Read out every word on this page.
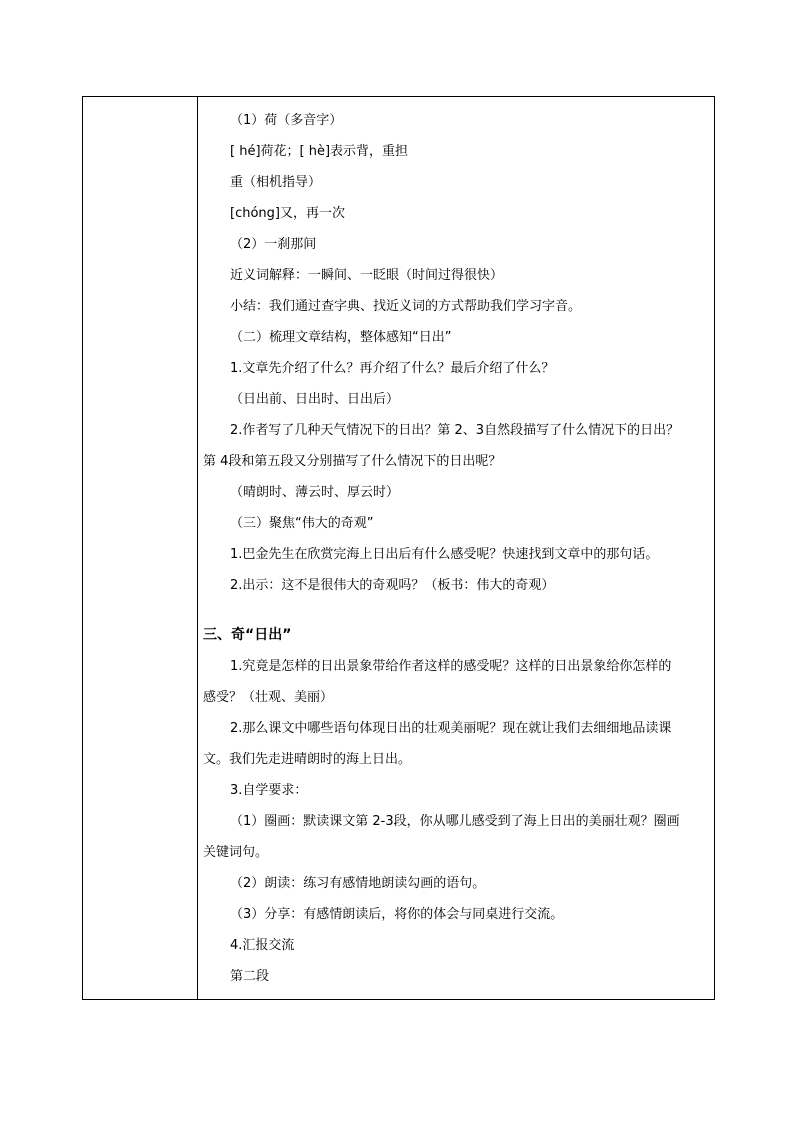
（1）荷（多音字）
[ hé]荷花；[ hè]表示背，重担
重（相机指导）
[chóng]又，再一次
（2）一刹那间
近义词解释：一瞬间、一眨眼（时间过得很快）
小结：我们通过查字典、找近义词的方式帮助我们学习字音。
（二）梳理文章结构，整体感知“日出”
1.文章先介绍了什么？再介绍了什么？最后介绍了什么？
（日出前、日出时、日出后）
2.作者写了几种天气情况下的日出？第 2、3自然段描写了什么情况下的日出？
第 4段和第五段又分别描写了什么情况下的日出呢？
（晴朗时、薄云时、厚云时）
（三）聚焦“伟大的奇观”
1.巴金先生在欣赏完海上日出后有什么感受呢？快速找到文章中的那句话。
2.出示：这不是很伟大的奇观吗？（板书：伟大的奇观）
三、奇“日出”
1.究竟是怎样的日出景象带给作者这样的感受呢？这样的日出景象给你怎样的
感受？（壮观、美丽）
2.那么课文中哪些语句体现日出的壮观美丽呢？现在就让我们去细细地品读课
文。我们先走进晴朗时的海上日出。
3.自学要求：
（1）圈画：默读课文第 2-3段，你从哪儿感受到了海上日出的美丽壮观？圈画
关键词句。
（2）朗读：练习有感情地朗读勾画的语句。
（3）分享：有感情朗读后，将你的体会与同桌进行交流。
4.汇报交流
第二段
